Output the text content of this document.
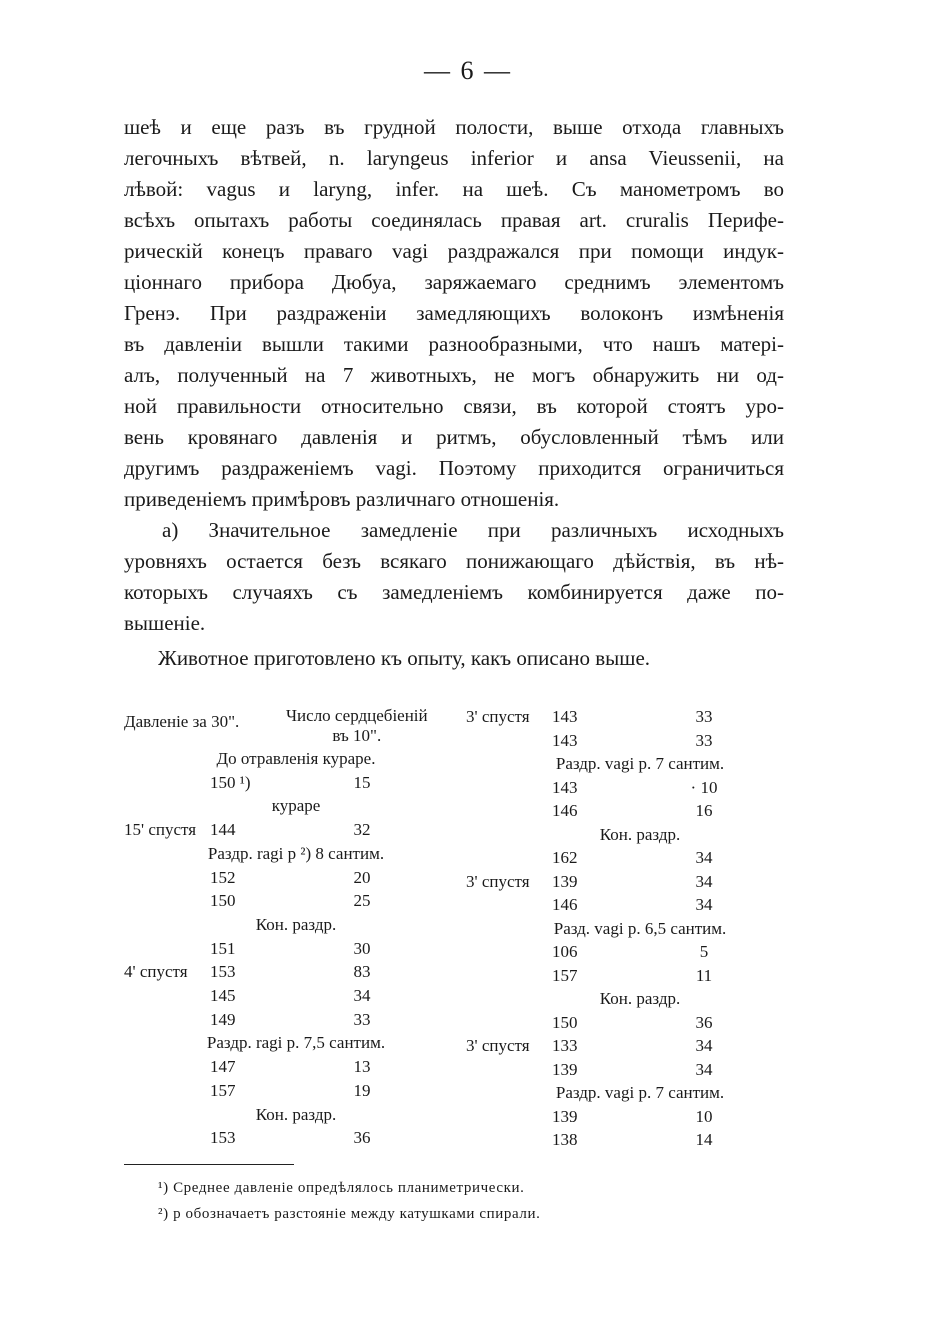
— 6 —

шеѣ и еще разъ въ грудной полости, выше отхода главныхъ
легочныхъ вѣтвей, n. laryngeus inferior и ansa Vieussenii, на
лѣвой: vagus и laryng, infer. на шеѣ. Съ манометромъ во
всѣхъ опытахъ работы соединялась правая art. cruralis Перифе-
рическій конецъ праваго vagi раздражался при помощи индук-
ціоннаго прибора Дюбуа, заряжаемаго среднимъ элементомъ
Гренэ. При раздраженіи замедляющихъ волоконъ измѣненія
въ давленіи вышли такими разнообразными, что нашъ матері-
алъ, полученный на 7 животныхъ, не могъ обнаружить ни од-
ной правильности относительно связи, въ которой стоятъ уро-
вень кровянаго давленія и ритмъ, обусловленный тѣмъ или
другимъ раздраженіемъ vagi. Поэтому приходится ограничиться
приведеніемъ примѣровъ различнаго отношенія.

а) Значительное замедленіе при различныхъ исходныхъ
уровняхъ остается безъ всякаго понижающаго дѣйствія, въ нѣ-
которыхъ случаяхъ съ замедленіемъ комбинируется даже по-
вышеніе.

Животное приготовлено къ опыту, какъ описано выше.
Давленіе за 30".	Число сердцебіеній
въ 10".
До отравленія кураре.
150 ¹)	15
кураре
15' спустя 144	32
Раздр. ragi р ²) 8 сантим.
152	20
150	25
Кон. раздр.
151	30
4' спустя 153	83
145	34
149	33
Раздр. ragi р. 7,5 сантим.
147	13
157	19
Кон. раздр.
153	36
3' спустя 143	33
143	33
Раздр. vagi р. 7 сантим.
143	· 10
146	16
Кон. раздр.
162	34
3' спустя 139	34
146	34
Разд. vagi р. 6,5 сантим.
106	5
157	11
Кон. раздр.
150	36
3' спустя 133	34
139	34
Раздр. vagi р. 7 сантим.
139	10
138	14
¹) Среднее давленіе опредѣлялось планиметрически.
²) р обозначаетъ разстояніе между катушками спирали.
